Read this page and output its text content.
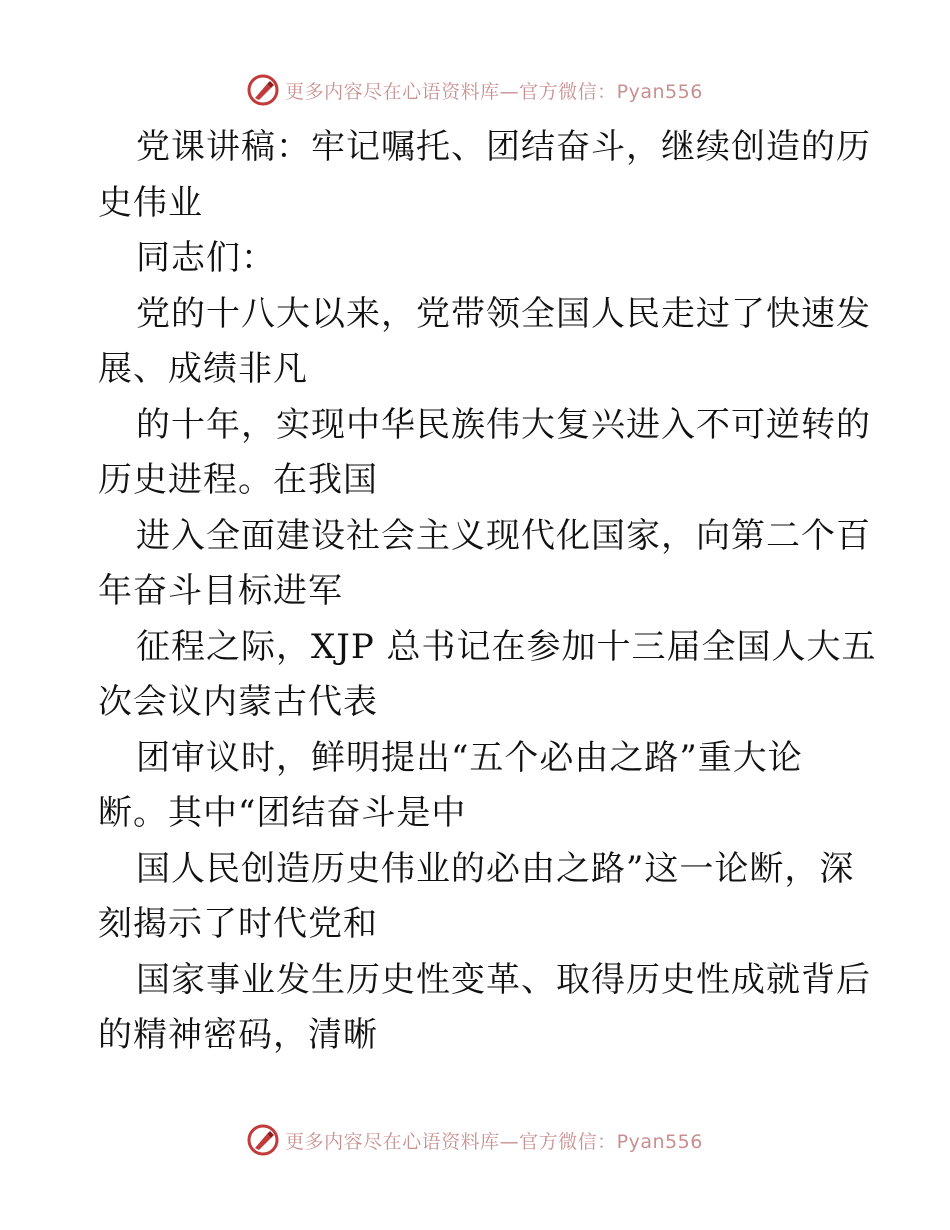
更多内容尽在心语资料库—官方微信：Pyan556
党课讲稿：牢记嘱托、团结奋斗，继续创造的历
史伟业
同志们：
党的十八大以来，党带领全国人民走过了快速发
展、成绩非凡
的十年，实现中华民族伟大复兴进入不可逆转的
历史进程。在我国
进入全面建设社会主义现代化国家，向第二个百
年奋斗目标进军
征程之际，XJP 总书记在参加十三届全国人大五
次会议内蒙古代表
团审议时，鲜明提出“五个必由之路”重大论
断。其中“团结奋斗是中
国人民创造历史伟业的必由之路”这一论断，深
刻揭示了时代党和
国家事业发生历史性变革、取得历史性成就背后
的精神密码，清晰
更多内容尽在心语资料库—官方微信：Pyan556
